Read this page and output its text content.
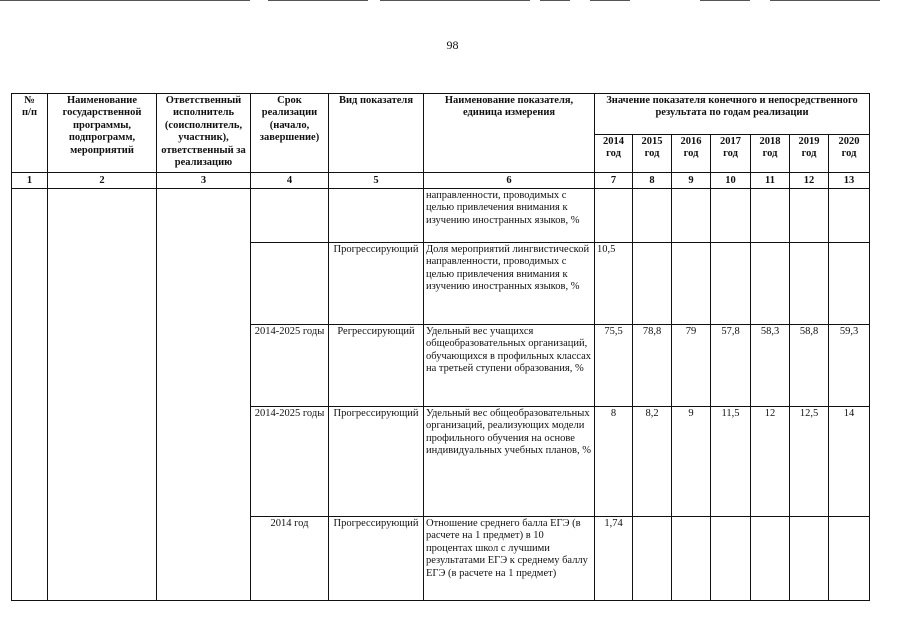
98
№
п/п	Наименование государственной программы, подпрограмм, мероприятий	Ответственный исполнитель (соисполнитель, участник), ответственный за реализацию	Срок реализации (начало, завершение)	Вид показателя	Наименование показателя, единица измерения	Значение показателя конечного и непосредственного результата по годам реализации						
						2014 год	2015 год	2016 год	2017 год	2018 год	2019 год	2020 год
1	2	3	4	5	6	7	8	9	10	11	12	13
					направленности, проводимых с целью привлечения внимания к изучению иностранных языков, %							
				Прогрессирующий	Доля мероприятий лингвистической направленности, проводимых с целью привлечения внимания к изучению иностранных языков, %	10,5						
			2014-2025 годы	Регрессирующий	Удельный вес учащихся общеобразовательных организаций, обучающихся в профильных классах на третьей ступени образования, %	75,5	78,8	79	57,8	58,3	58,8	59,3
			2014-2025 годы	Прогрессирующий	Удельный вес общеобразовательных организаций, реализующих модели профильного обучения на основе индивидуальных учебных планов, %	8	8,2	9	11,5	12	12,5	14
			2014 год	Прогрессирующий	Отношение среднего балла ЕГЭ (в расчете на 1 предмет) в 10 процентах школ с лучшими результатами ЕГЭ к среднему баллу ЕГЭ (в расчете на 1 предмет)	1,74						
